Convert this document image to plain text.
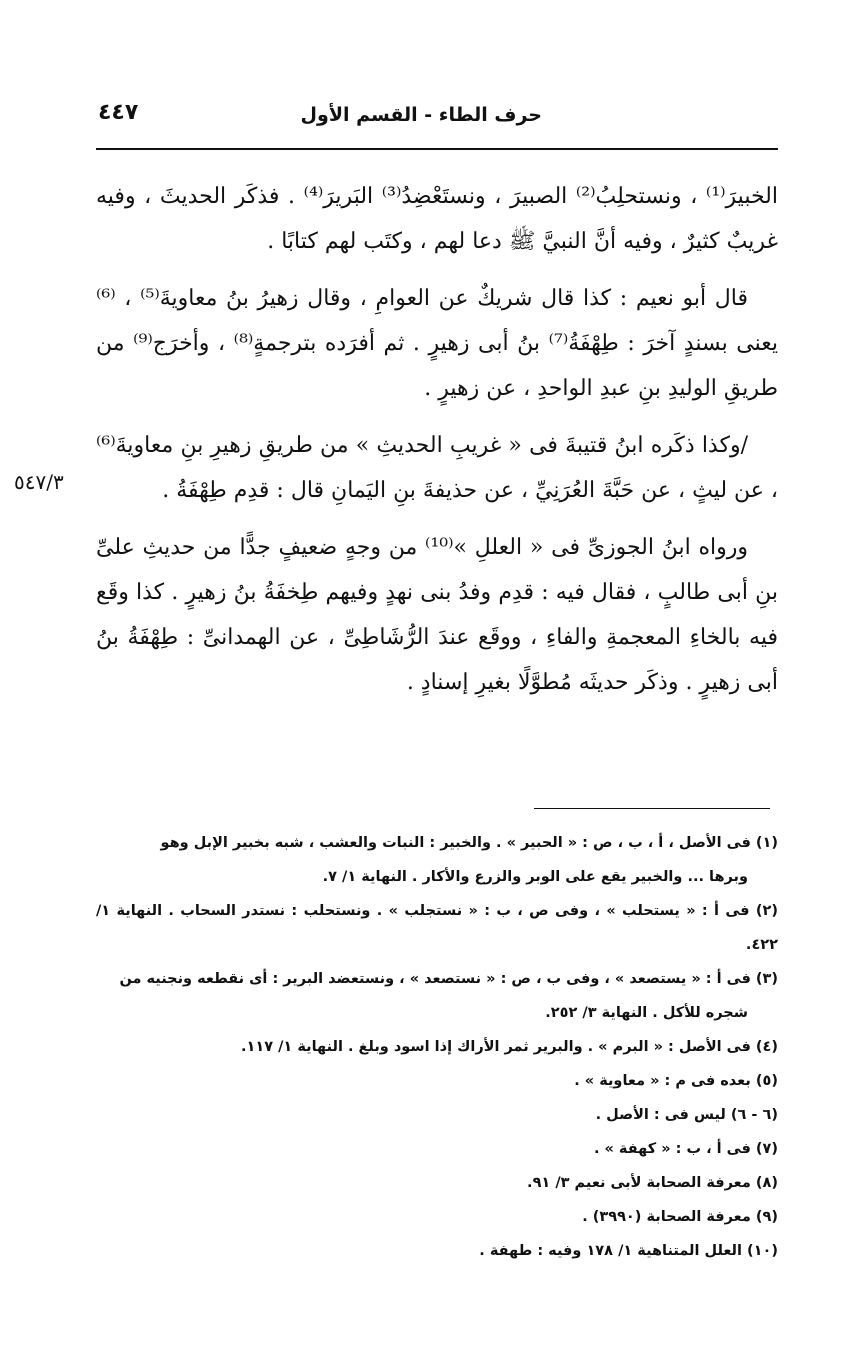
حرف الطاء - القسم الأول
٤٤٧
٥٤٧/٣

الخبيرَ⁽¹⁾ ، ونستحلِبُ⁽²⁾ الصبيرَ ، ونستَعْضِدُ⁽³⁾ البَريرَ⁽⁴⁾ . فذكَر الحديثَ ، وفيه غريبٌ كثيرٌ ، وفيه أنَّ النبيَّ ﷺ دعا لهم ، وكتَب لهم كتابًا .

قال أبو نعيم : كذا قال شريكٌ عن العوامِ ، وقال زهيرُ بنُ معاويةَ⁽⁵⁾ ، ⁽⁶⁾ يعنى بسندٍ آخرَ : طِهْفَةُ⁽⁷⁾ بنُ أبى زهيرٍ . ثم أفرَده بترجمةٍ⁽⁸⁾ ، وأخرَج⁽⁹⁾ من طريقِ الوليدِ بنِ عبدِ الواحدِ ، عن زهيرٍ .

/وكذا ذكَره ابنُ قتيبةَ فى « غريبِ الحديثِ » من طريقِ زهيرِ بنِ معاويةَ⁽⁶⁾ ، عن ليثٍ ، عن حَبَّةَ العُرَنِيِّ ، عن حذيفةَ بنِ اليَمانِ قال : قدِم طِهْفَةُ .

ورواه ابنُ الجوزىِّ فى « العللِ »⁽¹⁰⁾ من وجهٍ ضعيفٍ جدًّا من حديثِ علىِّ بنِ أبى طالبٍ ، فقال فيه : قدِم وفدُ بنى نهدٍ وفيهم طِخفَةُ بنُ زهيرٍ . كذا وقَع فيه بالخاءِ المعجمةِ والفاءِ ، ووقَع عندَ الرُّشَاطِىِّ ، عن الهمدانىِّ : طِهْفَةُ بنُ أبى زهيرٍ . وذكَر حديثَه مُطوَّلًا بغيرِ إسنادٍ .

(١) فى الأصل ، أ ، ب ، ص : « الحبير » . والخبير : النبات والعشب ، شبه بخبير الإبل وهو
وبرها ... والخبير يقع على الوبر والزرع والأكار . النهاية ١/ ٧.
(٢) فى أ : « يستحلب » ، وفى ص ، ب : « نستجلب » . ونستحلب : نستدر السحاب . النهاية ١/ ٤٢٢.
(٣) فى أ : « يستصعد » ، وفى ب ، ص : « نستصعد » ، ونستعضد البرير : أى نقطعه ونجنيه من
شجره للأكل . النهاية ٣/ ٢٥٢.
(٤) فى الأصل : « البرم » . والبرير ثمر الأراك إذا اسود وبلغ . النهاية ١/ ١١٧.
(٥) بعده فى م : « معاوية » .
(٦ - ٦) ليس فى : الأصل .
(٧) فى أ ، ب : « كهفة » .
(٨) معرفة الصحابة لأبى نعيم ٣/ ٩١.
(٩) معرفة الصحابة (٣٩٩٠) .
(١٠) العلل المتناهية ١/ ١٧٨ وفيه : طهفة .
